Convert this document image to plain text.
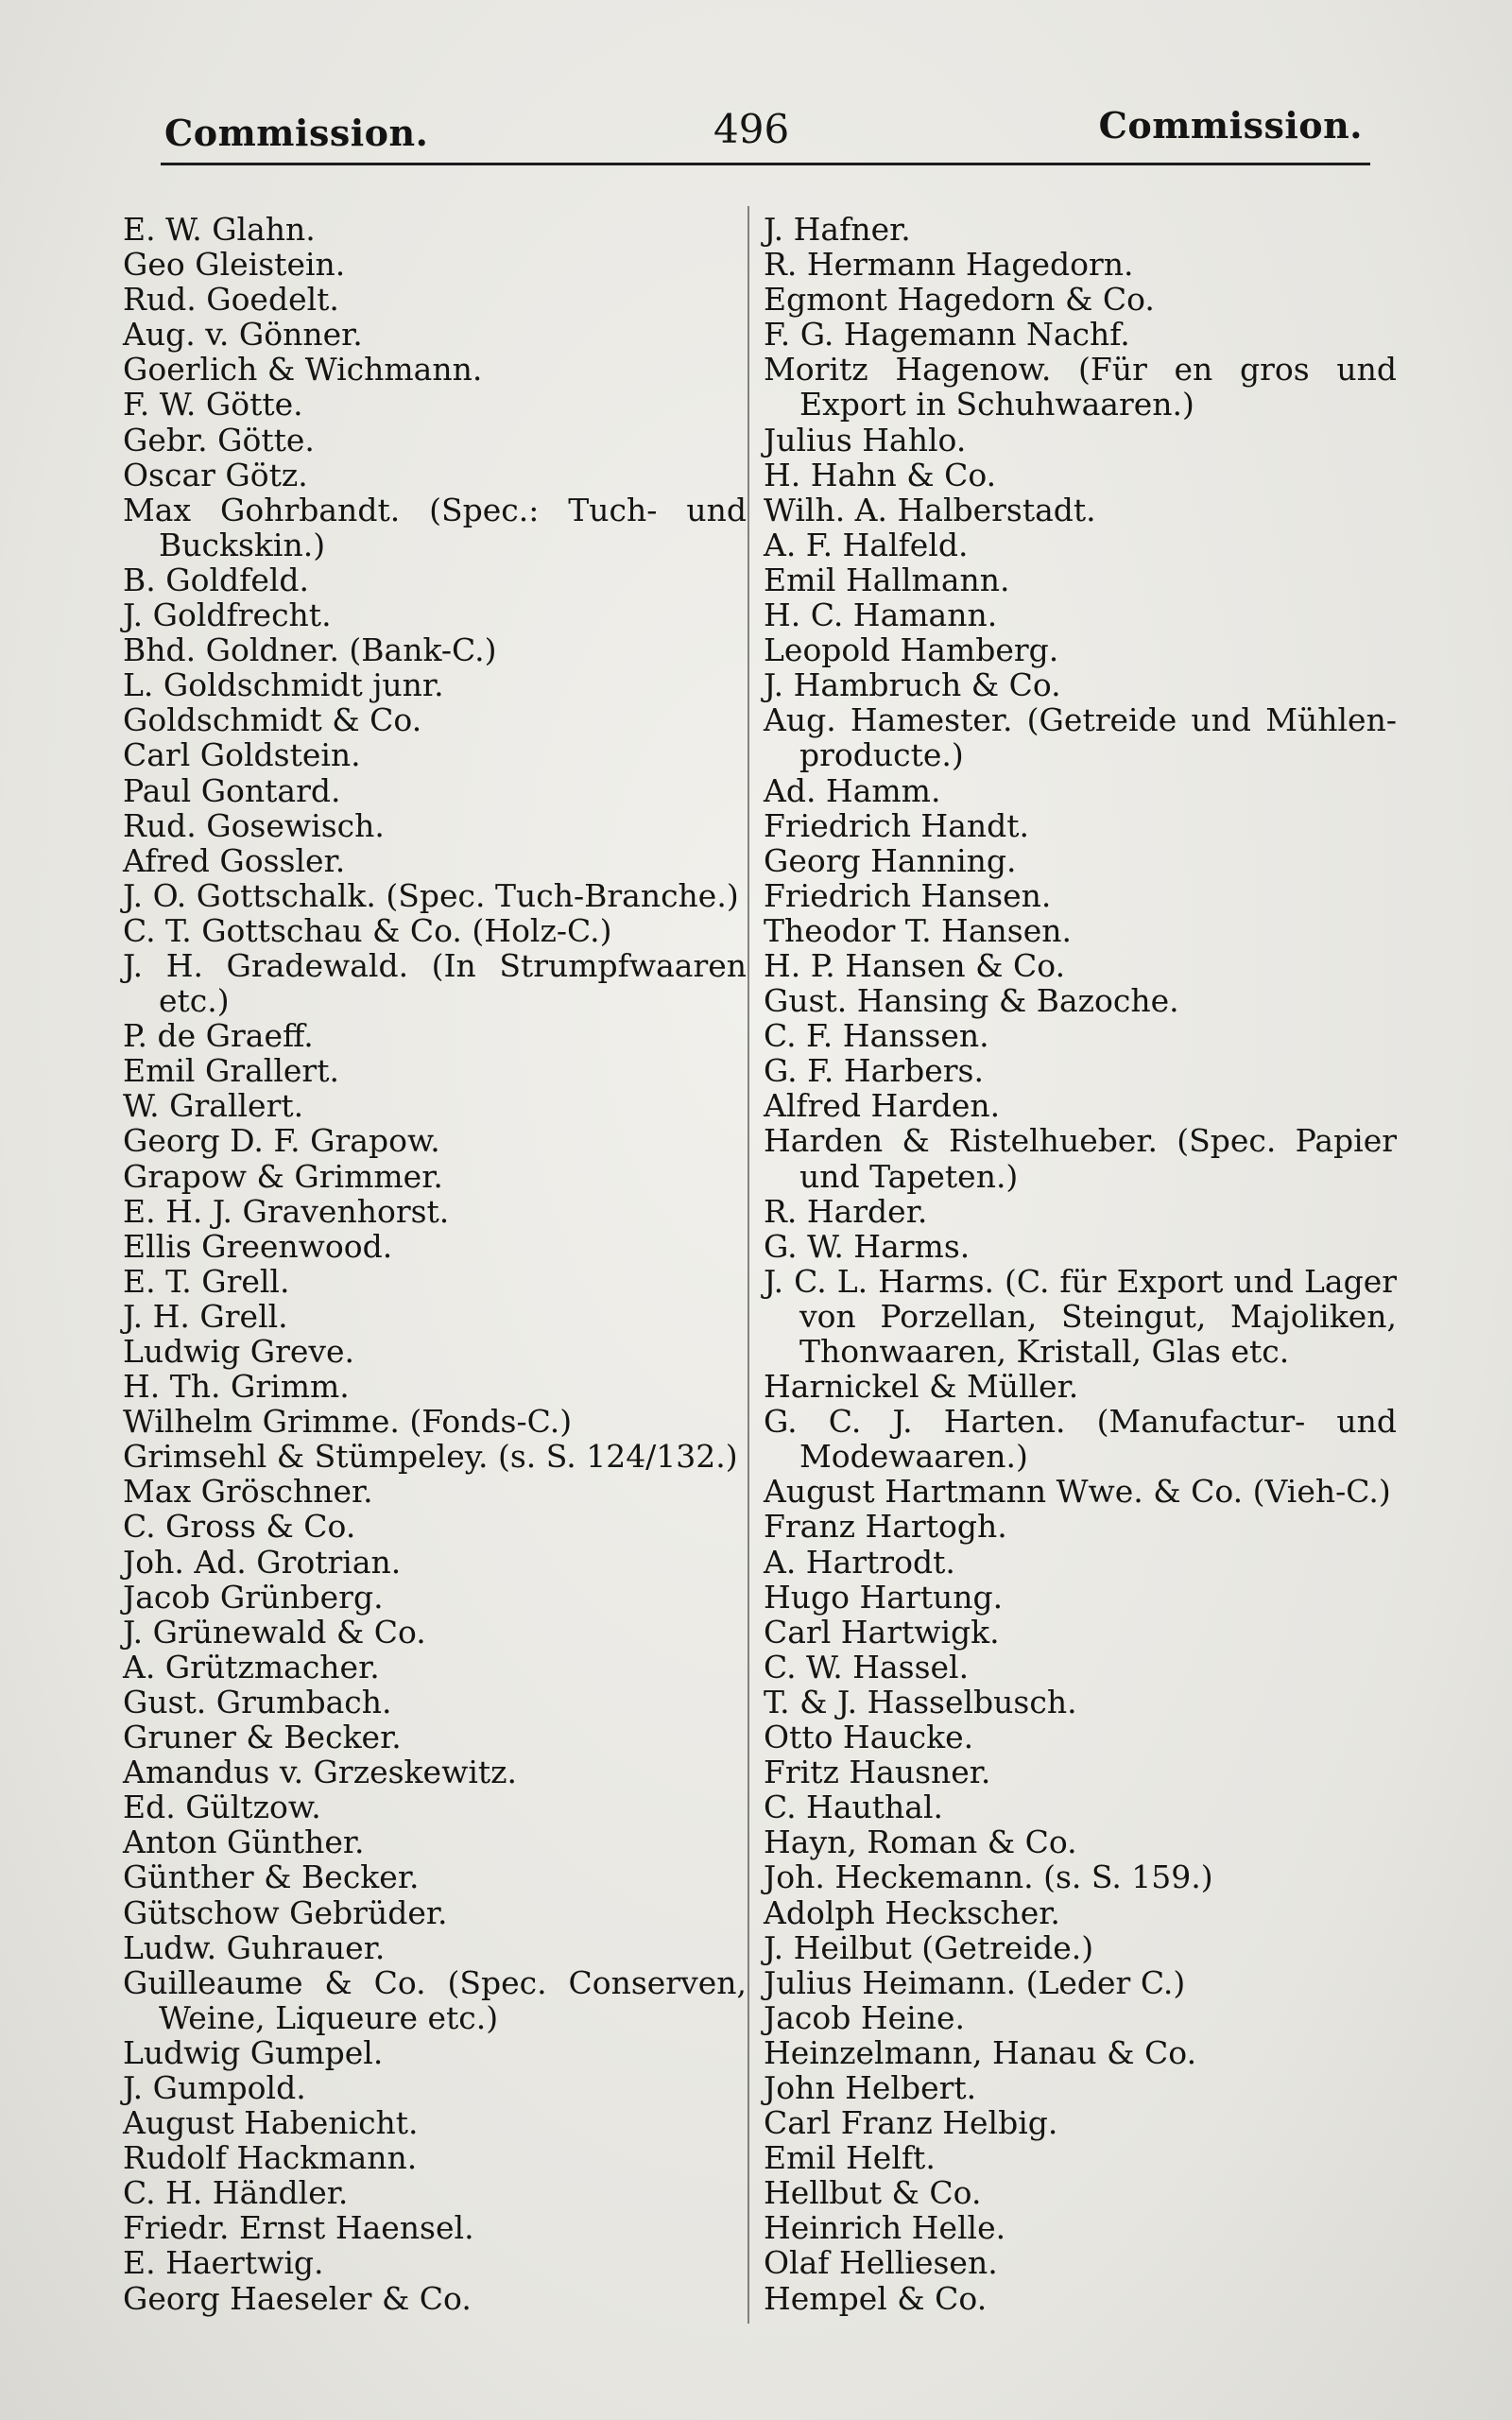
Commission.	496	Commission.
E. W. Glahn.
Geo Gleistein.
Rud. Goedelt.
Aug. v. Gönner.
Goerlich & Wichmann.
F. W. Götte.
Gebr. Götte.
Oscar Götz.
Max Gohrbandt. (Spec.: Tuch- und Buckskin.)
B. Goldfeld.
J. Goldfrecht.
Bhd. Goldner. (Bank-C.)
L. Goldschmidt junr.
Goldschmidt & Co.
Carl Goldstein.
Paul Gontard.
Rud. Gosewisch.
Afred Gossler.
J. O. Gottschalk. (Spec. Tuch-Branche.)
C. T. Gottschau & Co. (Holz-C.)
J. H. Gradewald. (In Strumpfwaaren etc.)
P. de Graeff.
Emil Grallert.
W. Grallert.
Georg D. F. Grapow.
Grapow & Grimmer.
E. H. J. Gravenhorst.
Ellis Greenwood.
E. T. Grell.
J. H. Grell.
Ludwig Greve.
H. Th. Grimm.
Wilhelm Grimme. (Fonds-C.)
Grimsehl & Stümpeley. (s. S. 124/132.)
Max Gröschner.
C. Gross & Co.
Joh. Ad. Grotrian.
Jacob Grünberg.
J. Grünewald & Co.
A. Grützmacher.
Gust. Grumbach.
Gruner & Becker.
Amandus v. Grzeskewitz.
Ed. Gültzow.
Anton Günther.
Günther & Becker.
Gütschow Gebrüder.
Ludw. Guhrauer.
Guilleaume & Co. (Spec. Conserven, Weine, Liqueure etc.)
Ludwig Gumpel.
J. Gumpold.
August Habenicht.
Rudolf Hackmann.
C. H. Händler.
Friedr. Ernst Haensel.
E. Haertwig.
Georg Haeseler & Co.
J. Hafner.
R. Hermann Hagedorn.
Egmont Hagedorn & Co.
F. G. Hagemann Nachf.
Moritz Hagenow. (Für en gros und Export in Schuhwaaren.)
Julius Hahlo.
H. Hahn & Co.
Wilh. A. Halberstadt.
A. F. Halfeld.
Emil Hallmann.
H. C. Hamann.
Leopold Hamberg.
J. Hambruch & Co.
Aug. Hamester. (Getreide und Mühlen-producte.)
Ad. Hamm.
Friedrich Handt.
Georg Hanning.
Friedrich Hansen.
Theodor T. Hansen.
H. P. Hansen & Co.
Gust. Hansing & Bazoche.
C. F. Hanssen.
G. F. Harbers.
Alfred Harden.
Harden & Ristelhueber. (Spec. Papier und Tapeten.)
R. Harder.
G. W. Harms.
J. C. L. Harms. (C. für Export und Lager von Porzellan, Steingut, Majoliken, Thonwaaren, Kristall, Glas etc.
Harnickel & Müller.
G. C. J. Harten. (Manufactur- und Modewaaren.)
August Hartmann Wwe. & Co. (Vieh-C.)
Franz Hartogh.
A. Hartrodt.
Hugo Hartung.
Carl Hartwigk.
C. W. Hassel.
T. & J. Hasselbusch.
Otto Haucke.
Fritz Hausner.
C. Hauthal.
Hayn, Roman & Co.
Joh. Heckemann. (s. S. 159.)
Adolph Heckscher.
J. Heilbut (Getreide.)
Julius Heimann. (Leder C.)
Jacob Heine.
Heinzelmann, Hanau & Co.
John Helbert.
Carl Franz Helbig.
Emil Helft.
Hellbut & Co.
Heinrich Helle.
Olaf Helliesen.
Hempel & Co.
